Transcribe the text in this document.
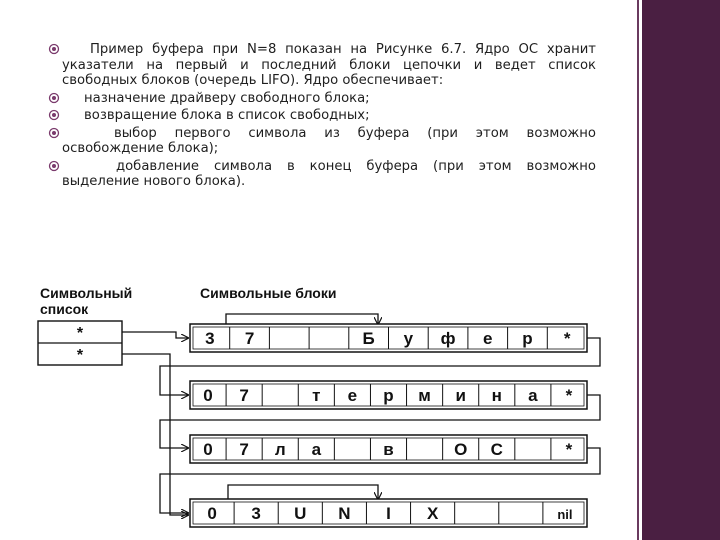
Пример буфера при N=8 показан на Рисунке 6.7. Ядро ОС хранит указатели на первый и последний блоки цепочки и ведет список свободных блоков (очередь LIFO). Ядро обеспечивает:
назначение драйверу свободного блока;
возвращение блока в список свободных;
выбор первого символа из буфера (при этом возможно освобождение блока);
добавление символа в конец буфера (при этом возможно выделение нового блока).
Символьный
список
Символьные блоки
*
*
3 7	Б у ф е р *
0 7	т е р м и н а *
0 7 л а	в	О С	*
0 3 U N I X	nil
